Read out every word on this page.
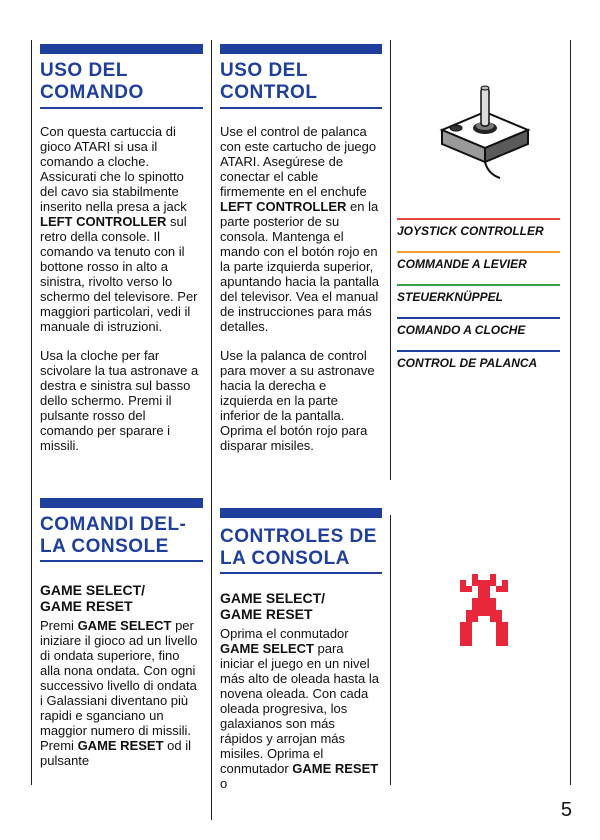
USO DEL
COMANDO

Con questa cartuccia di gioco ATARI si usa il comando a cloche. Assicurati che lo spinotto del cavo sia stabilmente inserito nella presa a jack LEFT CONTROLLER sul retro della console. Il comando va tenuto con il bottone rosso in alto a sinistra, rivolto verso lo schermo del televisore. Per maggiori particolari, vedi il manuale di istruzioni.

Usa la cloche per far scivolare la tua astronave a destra e sinistra sul basso dello schermo. Premi il pulsante rosso del comando per sparare i missili.

COMANDI DEL-
LA CONSOLE
GAME SELECT/
GAME RESET

Premi GAME SELECT per iniziare il gioco ad un livello di ondata superiore, fino alla nona ondata. Con ogni successivo livello di ondata i Galassiani diventano più rapidi e sganciano un maggior numero di missili. Premi GAME RESET od il pulsante

USO DEL
CONTROL

Use el control de palanca con este cartucho de juego ATARI. Asegúrese de conectar el cable firmemente en el enchufe LEFT CONTROLLER en la parte posterior de su consola. Mantenga el mando con el botón rojo en la parte izquierda superior, apuntando hacia la pantalla del televisor. Vea el manual de instrucciones para más detalles.

Use la palanca de control para mover a su astronave hacia la derecha e izquierda en la parte inferior de la pantalla. Oprima el botón rojo para disparar misiles.

CONTROLES DE
LA CONSOLA
GAME SELECT/
GAME RESET

Oprima el conmutador GAME SELECT para iniciar el juego en un nivel más alto de oleada hasta la novena oleada. Con cada oleada progresiva, los galaxianos son más rápidos y arrojan más misiles. Oprima el conmutador GAME RESET o

JOYSTICK CONTROLLER
COMMANDE A LEVIER
STEUERKNÜPPEL
COMANDO A CLOCHE
CONTROL DE PALANCA
5
